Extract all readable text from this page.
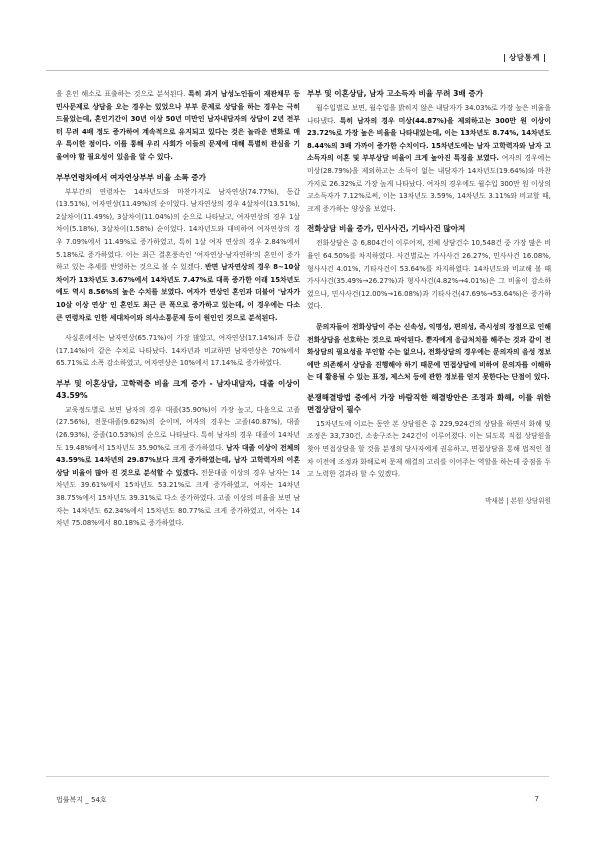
상담통계

을 혼인 해소로 표출하는 것으로 분석된다. 특히 과거 남성노인들이 재관채무 등 민사문제로 상담을 오는 경우는 있었으나 부부 문제로 상담을 하는 경우는 극히 드물었는데, 혼인기간이 30년 이상 50년 미만인 남자내담자의 상담이 2년 전부터 무려 4배 정도 증가하여 계속적으로 유지되고 있다는 것은 놀라운 변화로 매우 특이한 점이다. 이를 통해 우리 사회가 이들의 문제에 대해 특별히 관심을 기울여야 할 필요성이 있음을 알 수 있다.

부부연령차에서 여자연상부부 비율 소폭 증가

부부간의 연령차는 14차년도와 마찬가지로 남자연상(74.77%), 동갑(13.51%), 여자연상(11.49%)의 순이었다. 남자연상의 경우 4살차이(13.51%), 2살차이(11.49%), 3살차이(11.04%)의 순으로 나타났고, 여자연상의 경우 1살차이(5.18%), 3살차이(1.58%) 순이었다. 14차년도와 대비하여 여자연상의 경우 7.09%에서 11.49%로 증가하였고, 특히 1살 여자 연상의 경우 2.84%에서 5.18%로 증가하였다. 이는 최근 결혼풍속인 '여자연상-남자연하'의 혼인이 증가하고 있는 추세를 반영하는 것으로 볼 수 있겠다. 반면 남자연상의 경우 8~10살 차이가 13차년도 3.67%에서 14차년도 7.47%로 대폭 증가한 이래 15차년도에도 역시 8.56%의 높은 수치를 보였다. 여자가 연상인 혼인과 더불어 '남자가 10살 이상 연상' 인 혼인도 최근 큰 폭으로 증가하고 있는데, 이 경우에는 다소 큰 연령차로 인한 세대차이와 의사소통문제 등이 원인인 것으로 분석된다.

사실혼에서는 남자연상(65.71%)이 가장 많았고, 여자연상(17.14%)과 동갑(17.14%)이 같은 수치로 나타났다. 14차년과 비교하면 남자연상은 70%에서 65.71%로 소폭 감소하였고, 여자연상은 10%에서 17.14%로 증가하였다.

부부 및 이혼상담, 고학력층 비율 크게 증가 - 남자내담자, 대졸 이상이 43.59%

교육정도별로 보면 남자의 경우 대졸(35.90%)이 가장 높고, 다음으로 고졸(27.56%), 전문대졸(9.62%)의 순이며, 여자의 경우는 고졸(40.87%), 대졸(26.93%), 중졸(10.53%)의 순으로 나타났다. 특히 남자의 경우 대졸이 14차년도 19.48%에서 15차년도 35.90%로 크게 증가하였다. 남자 대졸 이상이 전체의 43.59%로 14차년의 29.87%보다 크게 증가하였는데, 남자 고학력자의 이혼상담 비율이 많아 진 것으로 분석할 수 있겠다. 전문대졸 이상의 경우 남자는 14차년도 39.61%에서 15차년도 53.21%로 크게 증가하였고, 여자는 14차년 38.75%에서 15차년도 39.31%로 다소 증가하였다. 고졸 이상의 비율을 보면 남자는 14차년도 62.34%에서 15차년도 80.77%로 크게 증가하였고, 여자는 14차년 75.08%에서 80.18%로 증가하였다.

부부 및 이혼상담, 남자 고소득자 비율 무려 3배 증가

월수입별로 보면, 월수입을 밝히지 않은 내담자가 34.03%로 가장 높은 비율을 나타냈다. 특히 남자의 경우 미상(44.87%)을 제외하고는 300만 원 이상이 23.72%로 가장 높은 비율을 나타내었는데, 이는 13차년도 8.74%, 14차년도 8.44%의 3배 가까이 증가한 수치이다. 15차년도에는 남자 고학력자와 남자 고소득자의 이혼 및 부부상담 비율이 크게 높아진 특징을 보였다. 여자의 경우에는 미상(28.79%)을 제외하고는 소득이 없는 내담자가 14차년도(19.64%)와 마찬가지로 26.32%로 가장 높게 나타났다. 여자의 경우에도 월수입 300만 원 이상의 고소득자가 7.12%로써, 이는 13차년도 3.59%, 14차년도 3.11%와 비교할 때, 크게 증가하는 양상을 보였다.

전화상담 비율 증가, 민사사건, 기타사건 많아져

전화상담은 총 6,804건이 이루어져, 전체 상담건수 10,548건 중 가장 많은 비율인 64.50%를 차지하였다. 사건별로는 가사사건 26.27%, 민사사건 16.08%, 형사사건 4.01%, 기타사건이 53.64%를 차지하였다. 14차년도와 비교해 볼 때 가사사건(35.49%→26.27%)과 형사사건(4.82%→4.01%)은 그 비율이 감소하였으나, 민사사건(12.00%→16.08%)과 기타사건(47.69%→53.64%)은 증가하였다.

문의자들이 전화상담이 주는 신속성, 익명성, 편의성, 즉시성의 장점으로 인해 전화상담을 선호하는 것으로 파악된다. 뿐자에게 응급처치를 해주는 것과 같이 전화상담의 필요성을 부인할 수는 없으나, 전화상담의 경우에는 문의자의 음성 정보에만 의존해서 상담을 진행해야 하기 때문에 면접상담에 비하여 문의자를 이해하는 데 활용될 수 있는 표정, 제스처 등에 관한 정보를 얻지 못한다는 단점이 있다.

분쟁해결방법 중에서 가장 바람직한 해결방안은 조정과 화해, 이를 위한 면접상담이 필수

15차년도에 이르는 동안 본 상담원은 총 229,924건의 상담을 하면서 화해 및 조정은 33,730건, 소송구조는 242건이 이루어졌다. 이는 되도록 직접 상담원을 찾아 면접상담을 할 것을 분쟁의 당사자에게 권유하고, 면접상담을 통해 법적인 절차 이전에 조정과 화해로써 문제 해결의 고리를 이어주는 역할을 하는데 중점을 두고 노력한 결과라 할 수 있겠다.

박새봄 | 본원 상담위원
법률복지 _ 54호	7
